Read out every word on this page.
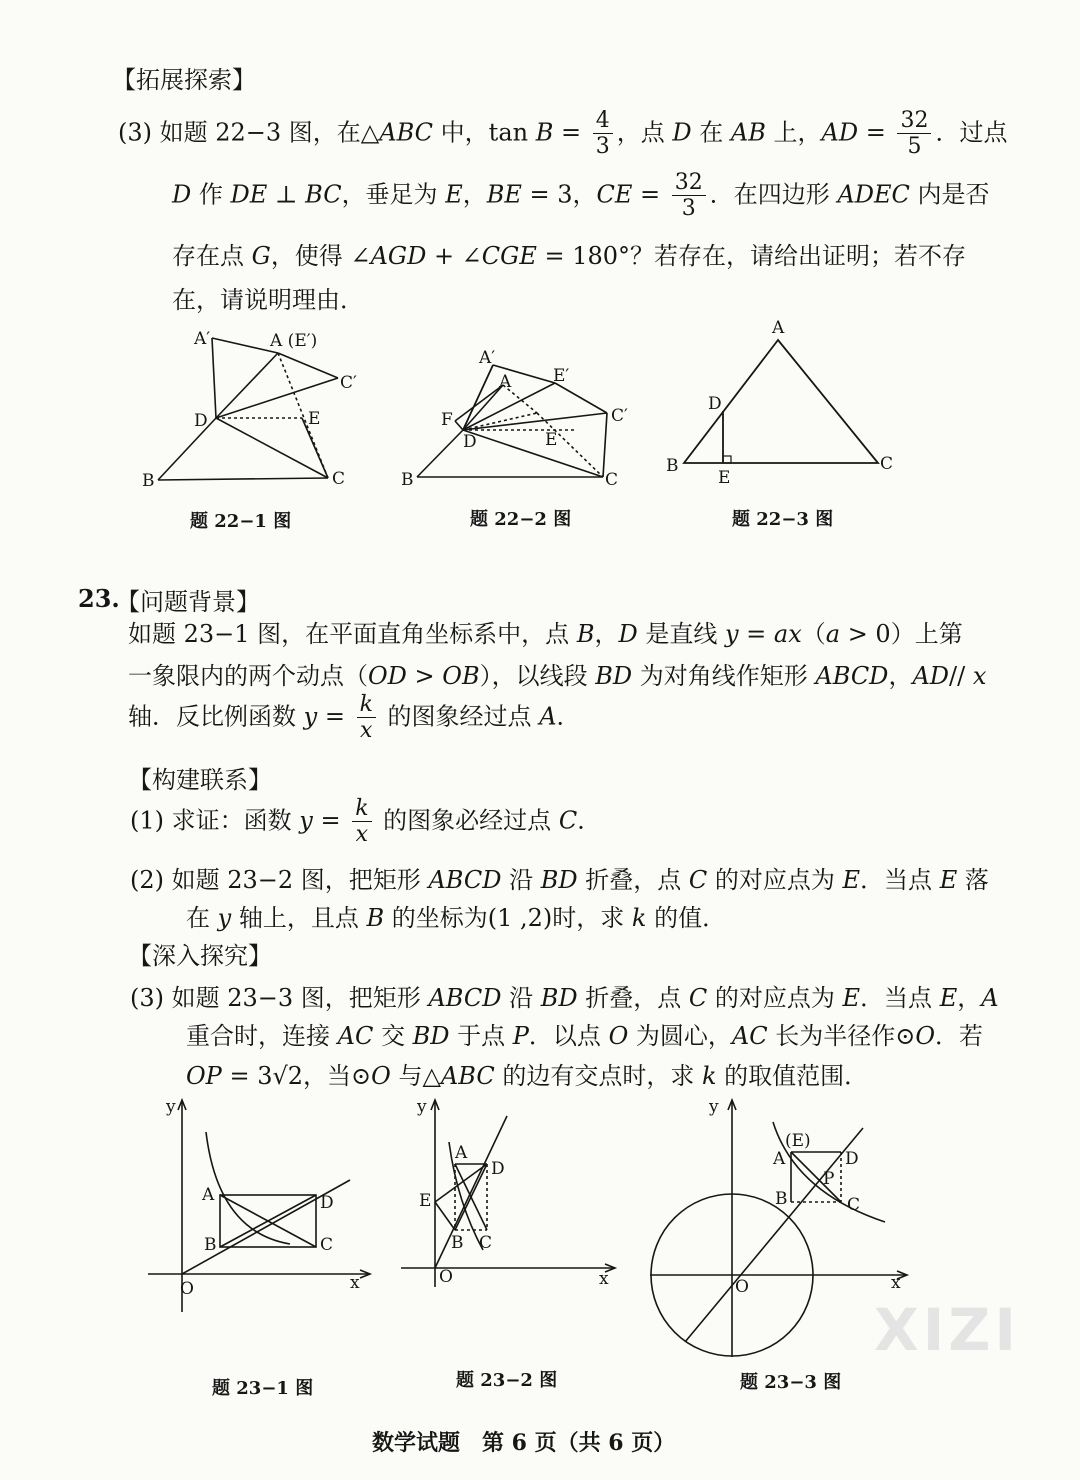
【拓展探索】
(3) 如题 22−3 图，在△ABC 中，$\tan B = \frac{4}{3}$ ，点 D 在 AB 上，AD = $\frac{32}{5}$ ．过点
D 作 DE ⊥ BC，垂足为 E，BE = 3，CE = $\frac{32}{3}$ ．在四边形 ADEC 内是否
存在点 G，使得 ∠AGD + ∠CGE = 180°？若存在，请给出证明；若不存
在，请说明理由．
A′	A (E′)
C′
D	E
B	C
A′
A E′
F	C′
D	E
B	C
A
D
B
E
C
题 22−1 图	题 22−2 图	题 22−3 图
23.
【问题背景】
如题 23−1 图，在平面直角坐标系中，点 B，D 是直线 y = ax（a > 0）上第
一象限内的两个动点（OD > OB），以线段 BD 为对角线作矩形 ABCD，AD// x
轴．反比例函数 $y = \frac{k}{x}$ 的图象经过点 A．
【构建联系】
(1) 求证：函数 $y = \frac{k}{x}$ 的图象必经过点 C．
(2) 如题 23−2 图，把矩形 ABCD 沿 BD 折叠，点 C 的对应点为 E．当点 E 落
在 y 轴上，且点 B 的坐标为(1 ,2)时，求 k 的值．
【深入探究】
(3) 如题 23−3 图，把矩形 ABCD 沿 BD 折叠，点 C 的对应点为 E．当点 E，A
重合时，连接 AC 交 BD 于点 P．以点 O 为圆心，AC 长为半径作⊙O．若
OP = 3√2，当⊙O 与△ABC 的边有交点时，求 k 的取值范围．
y
A	D
B	C
O	x
y
A
D
E
B C
O	x
y
(E)
A	D
P
B	C
O	x
题 23−1 图	题 23−2 图	题 23−3 图
XIZI
数学试题　第 6 页（共 6 页）
